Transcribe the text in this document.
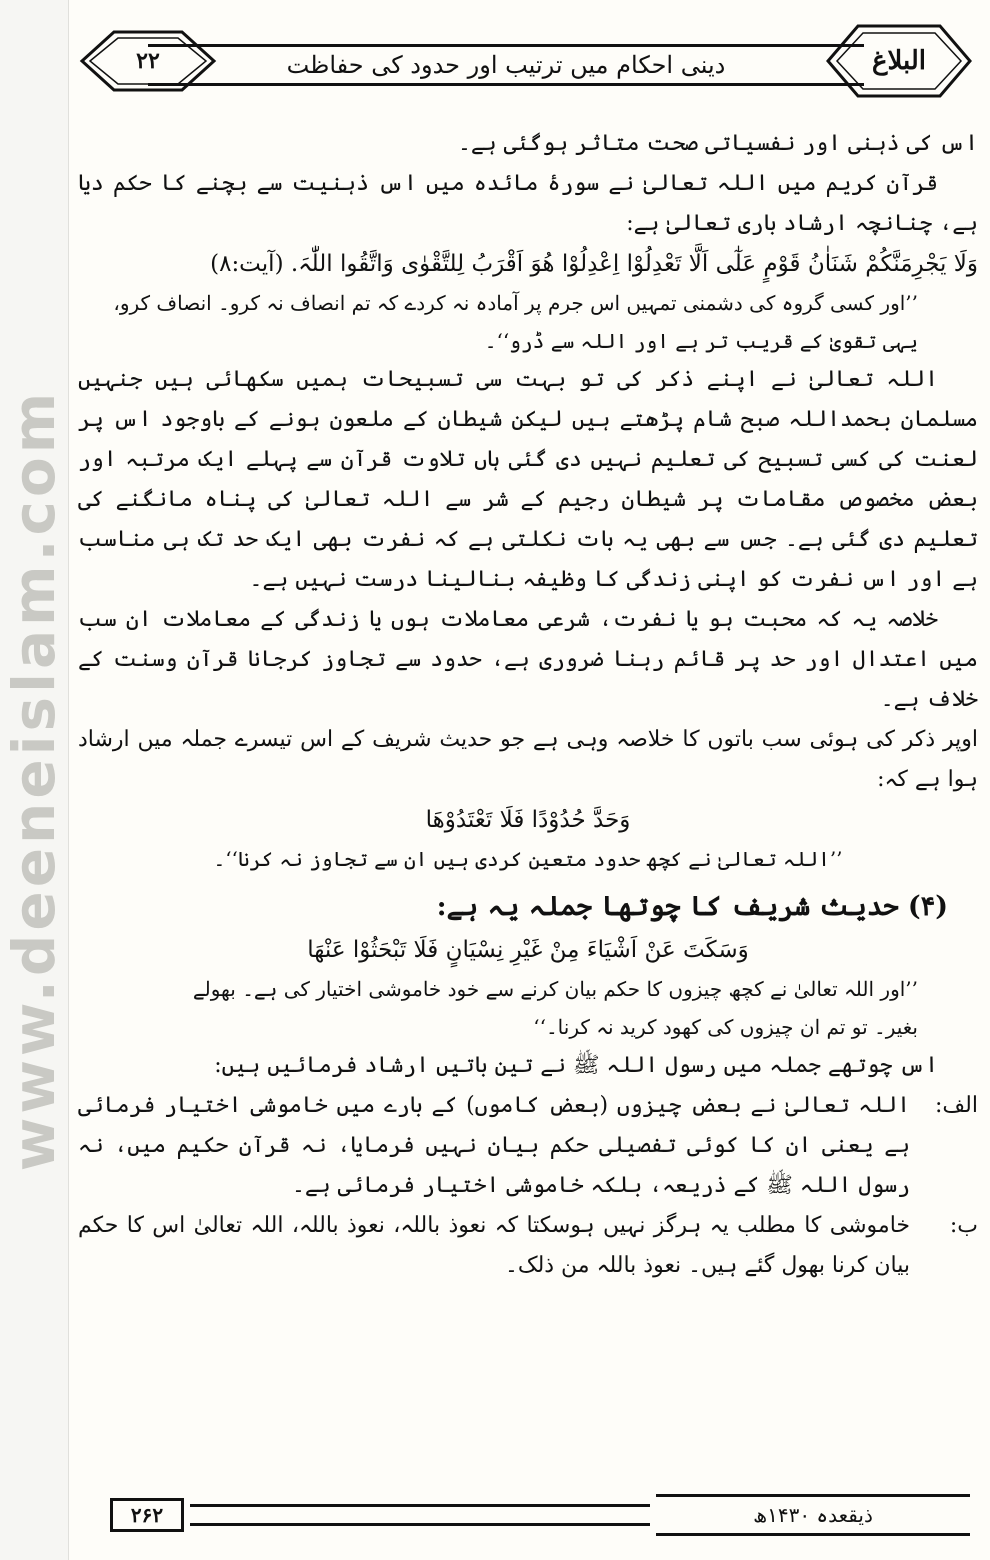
www.deeneislam.com
۲۲	دینی احکام میں ترتیب اور حدود کی حفاظت	البلاغ

اس کی ذہنی اور نفسیاتی صحت متاثر ہوگئی ہے۔

قرآن کریم میں اللہ تعالیٰ نے سورۂ مائدہ میں اس ذہنیت سے بچنے کا حکم دیا ہے، چنانچہ ارشاد باری تعالیٰ ہے:

وَلَا یَجْرِمَنَّکُمْ شَنَاٰنُ قَوْمٍ عَلٰٓی اَلَّا تَعْدِلُوْا اِعْدِلُوْا هُوَ اَقْرَبُ لِلتَّقْوٰی وَاتَّقُوا اللّٰہَ. (آیت:۸)

’’اور کسی گروہ کی دشمنی تمہیں اس جرم پر آمادہ نہ کردے کہ تم انصاف نہ کرو۔ انصاف کرو،

یہی تقویٰ کے قریب تر ہے اور اللہ سے ڈرو‘‘۔

اللہ تعالیٰ نے اپنے ذکر کی تو بہت سی تسبیحات ہمیں سکھائی ہیں جنہیں مسلمان بحمداللہ صبح شام پڑھتے ہیں لیکن شیطان کے ملعون ہونے کے باوجود اس پر لعنت کی کسی تسبیح کی تعلیم نہیں دی گئی ہاں تلاوت قرآن سے پہلے ایک مرتبہ اور بعض مخصوص مقامات پر شیطان رجیم کے شر سے اللہ تعالیٰ کی پناہ مانگنے کی تعلیم دی گئی ہے۔ جس سے بھی یہ بات نکلتی ہے کہ نفرت بھی ایک حد تک ہی مناسب ہے اور اس نفرت کو اپنی زندگی کا وظیفہ بنالینا درست نہیں ہے۔

خلاصہ یہ کہ محبت ہو یا نفرت، شرعی معاملات ہوں یا زندگی کے معاملات ان سب میں اعتدال اور حد پر قائم رہنا ضروری ہے، حدود سے تجاوز کرجانا قرآن وسنت کے خلاف ہے۔

اوپر ذکر کی ہوئی سب باتوں کا خلاصہ وہی ہے جو حدیث شریف کے اس تیسرے جملہ میں ارشاد ہوا ہے کہ:

وَحَدَّ حُدُوْدًا فَلَا تَعْتَدُوْهَا

’’اللہ تعالیٰ نے کچھ حدود متعین کردی ہیں ان سے تجاوز نہ کرنا‘‘۔

(۴) حدیث شریف کا چوتھا جملہ یہ ہے:

وَسَکَتَ عَنْ اَشْیَاءَ مِنْ غَیْرِ نِسْیَانٍ فَلَا تَبْحَثُوْا عَنْهَا

’’اور اللہ تعالیٰ نے کچھ چیزوں کا حکم بیان کرنے سے خود خاموشی اختیار کی ہے۔ بھولے

بغیر۔ تو تم ان چیزوں کی کھود کرید نہ کرنا۔‘‘

اس چوتھے جملہ میں رسول اللہ ﷺ نے تین باتیں ارشاد فرمائیں ہیں:

الف:
اللہ تعالیٰ نے بعض چیزوں (بعض کاموں) کے بارے میں خاموشی اختیار فرمائی ہے یعنی ان کا کوئی تفصیلی حکم بیان نہیں فرمایا، نہ قرآن حکیم میں، نہ رسول اللہ ﷺ کے ذریعہ، بلکہ خاموشی اختیار فرمائی ہے۔
ب:
خاموشی کا مطلب یہ ہرگز نہیں ہوسکتا کہ نعوذ باللہ، نعوذ باللہ، اللہ تعالیٰ اس کا حکم بیان کرنا بھول گئے ہیں۔ نعوذ باللہ من ذلک۔
۲۶۲	ذیقعدہ ۱۴۳۰ھ
